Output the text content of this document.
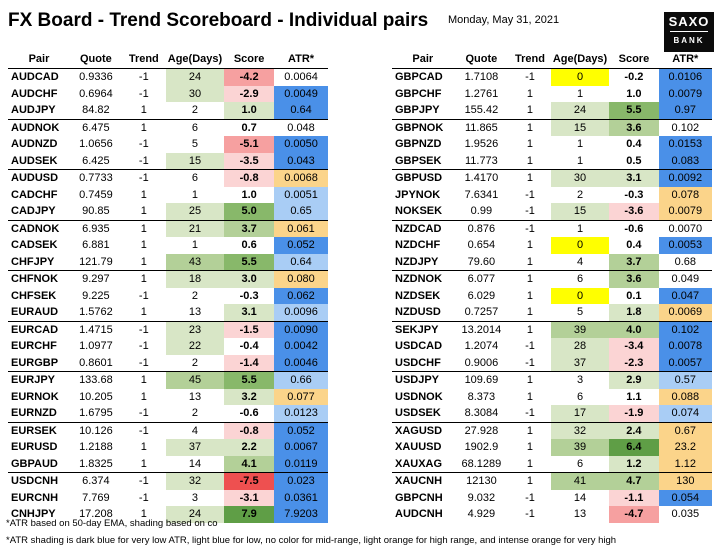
FX Board - Trend Scoreboard - Individual pairs Monday, May 31, 2021	SAXO
BANK
Pair	Quote	Trend	Age(Days)	Score	ATR*
AUDCAD	0.9336	-1	24	-4.2	0.0064
AUDCHF	0.6964	-1	30	-2.9	0.0049
AUDJPY	84.82	1	2	1.0	0.64
AUDNOK	6.475	1	6	0.7	0.048
AUDNZD	1.0656	-1	5	-5.1	0.0050
AUDSEK	6.425	-1	15	-3.5	0.043
AUDUSD	0.7733	-1	6	-0.8	0.0068
CADCHF	0.7459	1	1	1.0	0.0051
CADJPY	90.85	1	25	5.0	0.65
CADNOK	6.935	1	21	3.7	0.061
CADSEK	6.881	1	1	0.6	0.052
CHFJPY	121.79	1	43	5.5	0.64
CHFNOK	9.297	1	18	3.0	0.080
CHFSEK	9.225	-1	2	-0.3	0.062
EURAUD	1.5762	1	13	3.1	0.0096
EURCAD	1.4715	-1	23	-1.5	0.0090
EURCHF	1.0977	-1	22	-0.4	0.0042
EURGBP	0.8601	-1	2	-1.4	0.0046
EURJPY	133.68	1	45	5.5	0.66
EURNOK	10.205	1	13	3.2	0.077
EURNZD	1.6795	-1	2	-0.6	0.0123
EURSEK	10.126	-1	4	-0.8	0.052
EURUSD	1.2188	1	37	2.2	0.0067
GBPAUD	1.8325	1	14	4.1	0.0119
USDCNH	6.374	-1	32	-7.5	0.023
EURCNH	7.769	-1	3	-3.1	0.0361
CNHJPY	17.208	1	24	7.9	7.9203
Pair	Quote	Trend	Age(Days)	Score	ATR*
GBPCAD	1.7108	-1	0	-0.2	0.0106
GBPCHF	1.2761	1	1	1.0	0.0079
GBPJPY	155.42	1	24	5.5	0.97
GBPNOK	11.865	1	15	3.6	0.102
GBPNZD	1.9526	1	1	0.4	0.0153
GBPSEK	11.773	1	1	0.5	0.083
GBPUSD	1.4170	1	30	3.1	0.0092
JPYNOK	7.6341	-1	2	-0.3	0.078
NOKSEK	0.99	-1	15	-3.6	0.0079
NZDCAD	0.876	-1	1	-0.6	0.0070
NZDCHF	0.654	1	0	0.4	0.0053
NZDJPY	79.60	1	4	3.7	0.68
NZDNOK	6.077	1	6	3.6	0.049
NZDSEK	6.029	1	0	0.1	0.047
NZDUSD	0.7257	1	5	1.8	0.0069
SEKJPY	13.2014	1	39	4.0	0.102
USDCAD	1.2074	-1	28	-3.4	0.0078
USDCHF	0.9006	-1	37	-2.3	0.0057
USDJPY	109.69	1	3	2.9	0.57
USDNOK	8.373	1	6	1.1	0.088
USDSEK	8.3084	-1	17	-1.9	0.074
XAGUSD	27.928	1	32	2.4	0.67
XAUUSD	1902.9	1	39	6.4	23.2
XAUXAG	68.1289	1	6	1.2	1.12
XAUCNH	12130	1	41	4.7	130
GBPCNH	9.032	-1	14	-1.1	0.054
AUDCNH	4.929	-1	13	-4.7	0.035
*ATR based on 50-day EMA, shading based on co
*ATR shading is dark blue for very low ATR, light blue for low, no color for mid-range, light orange for high range, and intense orange for very high
